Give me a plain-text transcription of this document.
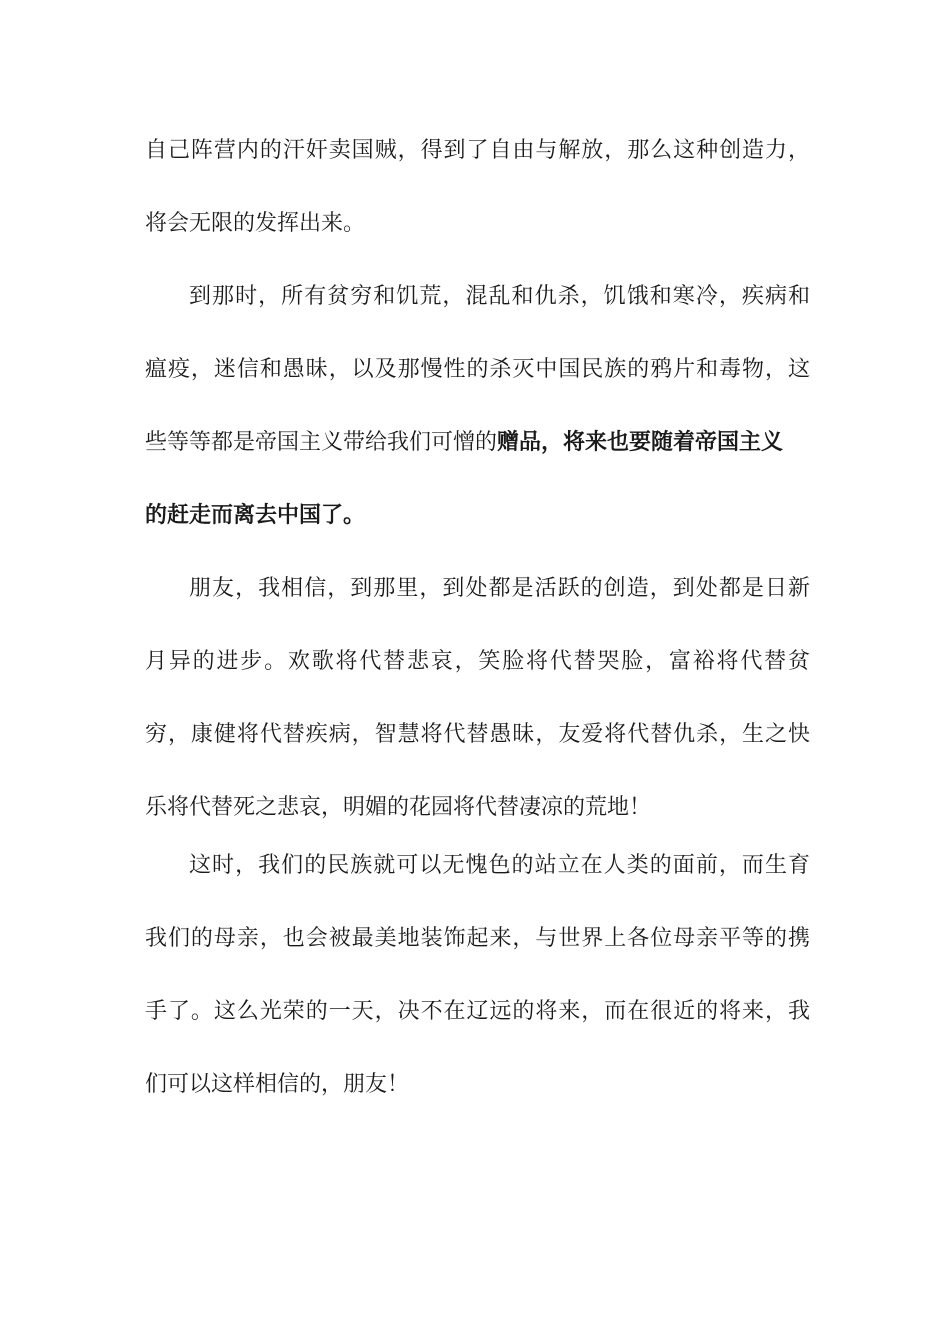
自己阵营内的汗奸卖国贼，得到了自由与解放，那么这种创造力，
将会无限的发挥出来。
到那时，所有贫穷和饥荒，混乱和仇杀，饥饿和寒冷，疾病和
瘟疫，迷信和愚昧，以及那慢性的杀灭中国民族的鸦片和毒物，这
些等等都是帝国主义带给我们可憎的赠品，将来也要随着帝国主义
的赶走而离去中国了。
朋友，我相信，到那里，到处都是活跃的创造，到处都是日新
月异的进步。欢歌将代替悲哀，笑脸将代替哭脸，富裕将代替贫
穷，康健将代替疾病，智慧将代替愚昧，友爱将代替仇杀，生之快
乐将代替死之悲哀，明媚的花园将代替凄凉的荒地！
这时，我们的民族就可以无愧色的站立在人类的面前，而生育
我们的母亲，也会被最美地装饰起来，与世界上各位母亲平等的携
手了。这么光荣的一天，决不在辽远的将来，而在很近的将来，我
们可以这样相信的，朋友！
